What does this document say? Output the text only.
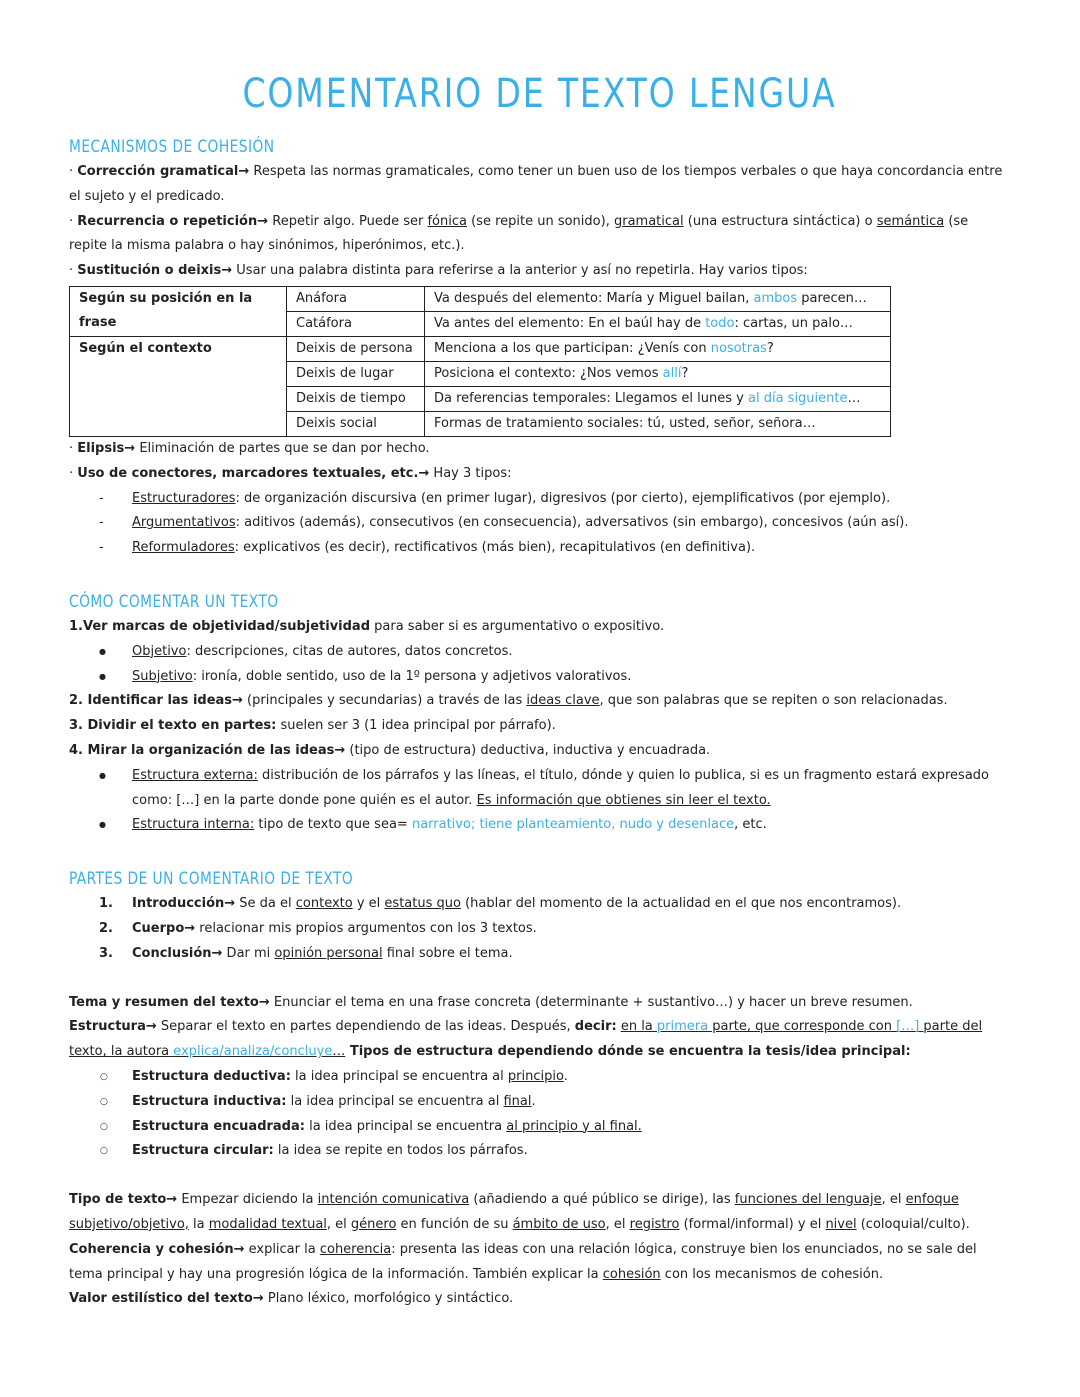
COMENTARIO DE TEXTO LENGUA
MECANISMOS DE COHESIÓN

· Corrección gramatical→ Respeta las normas gramaticales, como tener un buen uso de los tiempos verbales o que haya concordancia entre el sujeto y el predicado.

· Recurrencia o repetición→ Repetir algo. Puede ser fónica (se repite un sonido), gramatical (una estructura sintáctica) o semántica (se repite la misma palabra o hay sinónimos, hiperónimos, etc.).

· Sustitución o deixis→ Usar una palabra distinta para referirse a la anterior y así no repetirla. Hay varios tipos:

Según su posición en la frase	Anáfora	Va después del elemento: María y Miguel bailan, ambos parecen…
	Catáfora	Va antes del elemento: En el baúl hay de todo: cartas, un palo…
Según el contexto	Deixis de persona	Menciona a los que participan: ¿Venís con nosotras?
	Deixis de lugar	Posiciona el contexto: ¿Nos vemos allí?
	Deixis de tiempo	Da referencias temporales: Llegamos el lunes y al día siguiente…
	Deixis social	Formas de tratamiento sociales: tú, usted, señor, señora…

· Elipsis→ Eliminación de partes que se dan por hecho.

· Uso de conectores, marcadores textuales, etc.→ Hay 3 tipos:

- Estructuradores: de organización discursiva (en primer lugar), digresivos (por cierto), ejemplificativos (por ejemplo).

- Argumentativos: aditivos (además), consecutivos (en consecuencia), adversativos (sin embargo), concesivos (aún así).

- Reformuladores: explicativos (es decir), rectificativos (más bien), recapitulativos (en definitiva).

CÓMO COMENTAR UN TEXTO

1.Ver marcas de objetividad/subjetividad para saber si es argumentativo o expositivo.

● Objetivo: descripciones, citas de autores, datos concretos.

● Subjetivo: ironía, doble sentido, uso de la 1º persona y adjetivos valorativos.

2. Identificar las ideas→ (principales y secundarias) a través de las ideas clave, que son palabras que se repiten o son relacionadas.

3. Dividir el texto en partes: suelen ser 3 (1 idea principal por párrafo).

4. Mirar la organización de las ideas→ (tipo de estructura) deductiva, inductiva y encuadrada.

● Estructura externa: distribución de los párrafos y las líneas, el título, dónde y quien lo publica, si es un fragmento estará expresado como: […] en la parte donde pone quién es el autor. Es información que obtienes sin leer el texto.

● Estructura interna: tipo de texto que sea= narrativo; tiene planteamiento, nudo y desenlace, etc.

PARTES DE UN COMENTARIO DE TEXTO

1. Introducción→ Se da el contexto y el estatus quo (hablar del momento de la actualidad en el que nos encontramos).

2. Cuerpo→ relacionar mis propios argumentos con los 3 textos.

3. Conclusión→ Dar mi opinión personal final sobre el tema.

Tema y resumen del texto→ Enunciar el tema en una frase concreta (determinante + sustantivo…) y hacer un breve resumen.

Estructura→ Separar el texto en partes dependiendo de las ideas. Después, decir: en la primera parte, que corresponde con […] parte del texto, la autora explica/analiza/concluye… Tipos de estructura dependiendo dónde se encuentra la tesis/idea principal:

○ Estructura deductiva: la idea principal se encuentra al principio.

○ Estructura inductiva: la idea principal se encuentra al final.

○ Estructura encuadrada: la idea principal se encuentra al principio y al final.

○ Estructura circular: la idea se repite en todos los párrafos.

Tipo de texto→ Empezar diciendo la intención comunicativa (añadiendo a qué público se dirige), las funciones del lenguaje, el enfoque subjetivo/objetivo, la modalidad textual, el género en función de su ámbito de uso, el registro (formal/informal) y el nivel (coloquial/culto).

Coherencia y cohesión→ explicar la coherencia: presenta las ideas con una relación lógica, construye bien los enunciados, no se sale del tema principal y hay una progresión lógica de la información. También explicar la cohesión con los mecanismos de cohesión.

Valor estilístico del texto→ Plano léxico, morfológico y sintáctico.
